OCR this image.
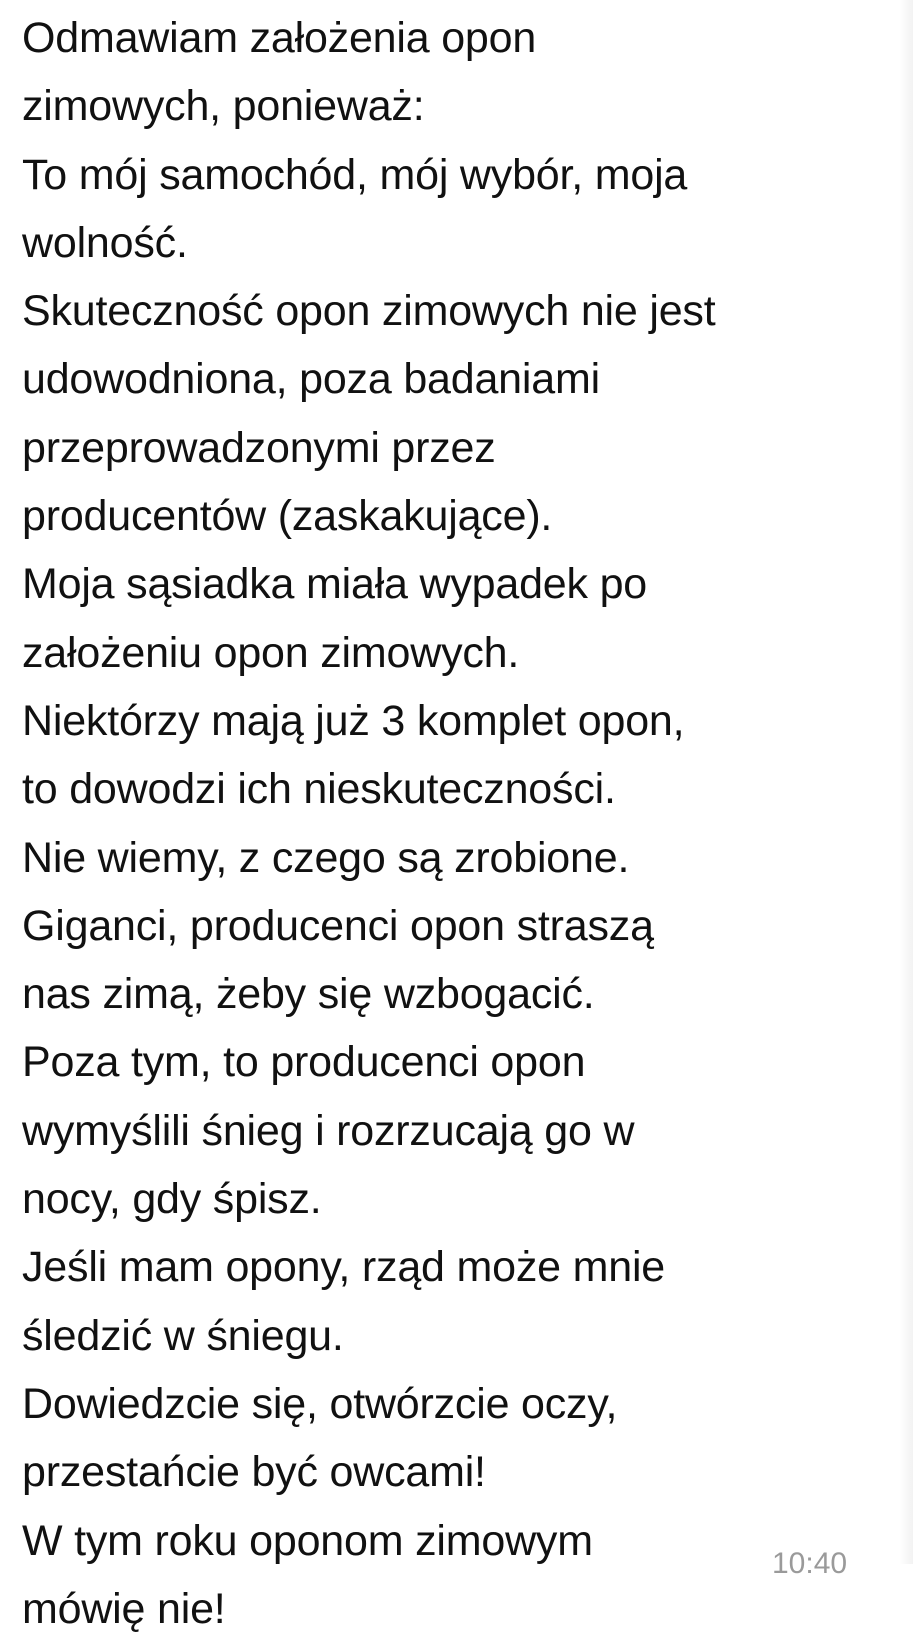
Odmawiam założenia opon
zimowych, ponieważ:
To mój samochód, mój wybór, moja
wolność.
Skuteczność opon zimowych nie jest
udowodniona, poza badaniami
przeprowadzonymi przez
producentów (zaskakujące).
Moja sąsiadka miała wypadek po
założeniu opon zimowych.
Niektórzy mają już 3 komplet opon,
to dowodzi ich nieskuteczności.
Nie wiemy, z czego są zrobione.
Giganci, producenci opon straszą
nas zimą, żeby się wzbogacić.
Poza tym, to producenci opon
wymyślili śnieg i rozrzucają go w
nocy, gdy śpisz.
Jeśli mam opony, rząd może mnie
śledzić w śniegu.
Dowiedzcie się, otwórzcie oczy,
przestańcie być owcami!
W tym roku oponom zimowym
mówię nie!
10:40
